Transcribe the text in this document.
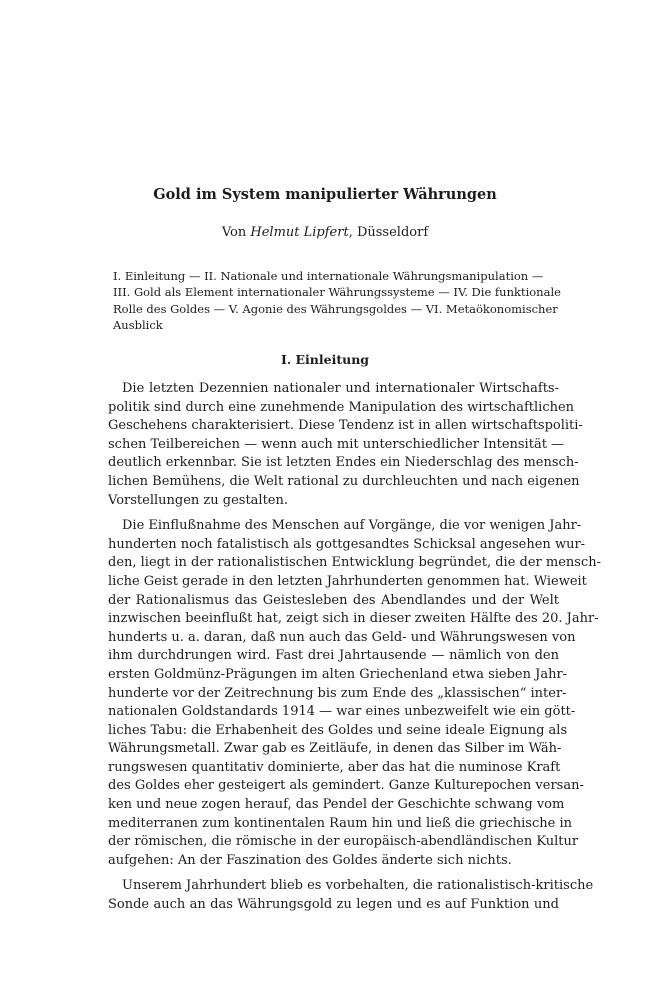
Gold im System manipulierter Währungen
Von Helmut Lipfert, Düsseldorf
I. Einleitung — II. Nationale und internationale Währungsmanipulation —
III. Gold als Element internationaler Währungssysteme — IV. Die funktionale
Rolle des Goldes — V. Agonie des Währungsgoldes — VI. Metaökonomischer
Ausblick
I. Einleitung
Die letzten Dezennien nationaler und internationaler Wirtschafts-
politik sind durch eine zunehmende Manipulation des wirtschaftlichen
Geschehens charakterisiert. Diese Tendenz ist in allen wirtschaftspoliti-
schen Teilbereichen — wenn auch mit unterschiedlicher Intensität —
deutlich erkennbar. Sie ist letzten Endes ein Niederschlag des mensch-
lichen Bemühens, die Welt rational zu durchleuchten und nach eigenen
Vorstellungen zu gestalten.
Die Einflußnahme des Menschen auf Vorgänge, die vor wenigen Jahr-
hunderten noch fatalistisch als gottgesandtes Schicksal angesehen wur-
den, liegt in der rationalistischen Entwicklung begründet, die der mensch-
liche Geist gerade in den letzten Jahrhunderten genommen hat. Wieweit
der Rationalismus das Geistesleben des Abendlandes und der Welt
inzwischen beeinflußt hat, zeigt sich in dieser zweiten Hälfte des 20. Jahr-
hunderts u. a. daran, daß nun auch das Geld- und Währungswesen von
ihm durchdrungen wird. Fast drei Jahrtausende — nämlich von den
ersten Goldmünz-Prägungen im alten Griechenland etwa sieben Jahr-
hunderte vor der Zeitrechnung bis zum Ende des „klassischen“ inter-
nationalen Goldstandards 1914 — war eines unbezweifelt wie ein gött-
liches Tabu: die Erhabenheit des Goldes und seine ideale Eignung als
Währungsmetall. Zwar gab es Zeitläufe, in denen das Silber im Wäh-
rungswesen quantitativ dominierte, aber das hat die numinose Kraft
des Goldes eher gesteigert als gemindert. Ganze Kulturepochen versan-
ken und neue zogen herauf, das Pendel der Geschichte schwang vom
mediterranen zum kontinentalen Raum hin und ließ die griechische in
der römischen, die römische in der europäisch-abendländischen Kultur
aufgehen: An der Faszination des Goldes änderte sich nichts.
Unserem Jahrhundert blieb es vorbehalten, die rationalistisch-kritische
Sonde auch an das Währungsgold zu legen und es auf Funktion und
